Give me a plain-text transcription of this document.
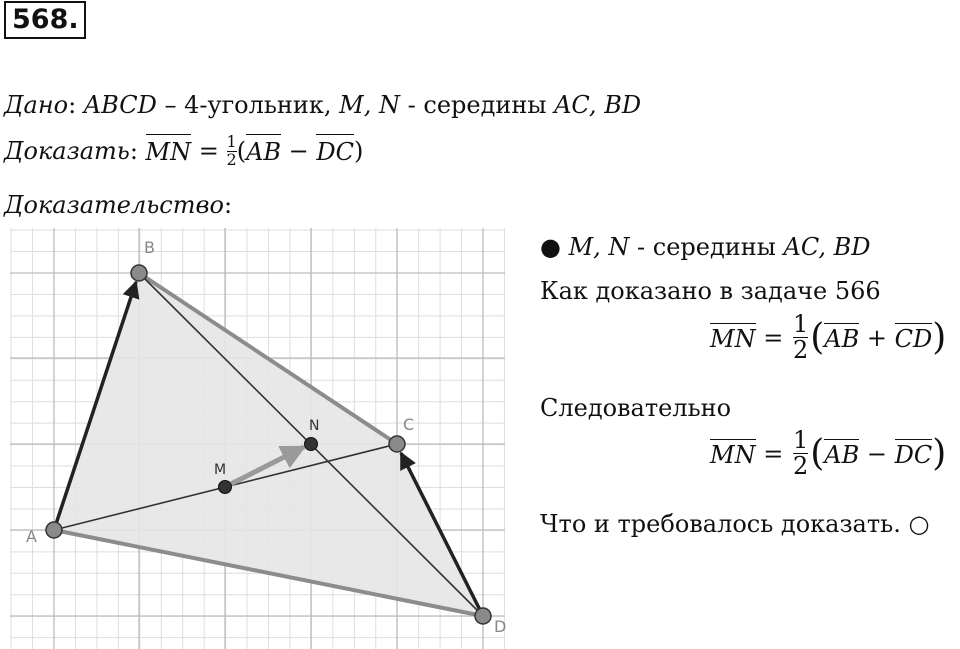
568.
Дано: ABCD – 4-угольник, M, N - середины AC, BD
Доказать : MN = $\frac{1}{2}$ ( AB − DC )
Доказательство:
A
B
C
D
M
N
● M, N - середины AC, BD
Как доказано в задаче 566
MN = $\frac{1}{2}$ ( AB + CD )
Следовательно
MN = $\frac{1}{2}$ ( AB − DC )
Что и требовалось доказать. ○
